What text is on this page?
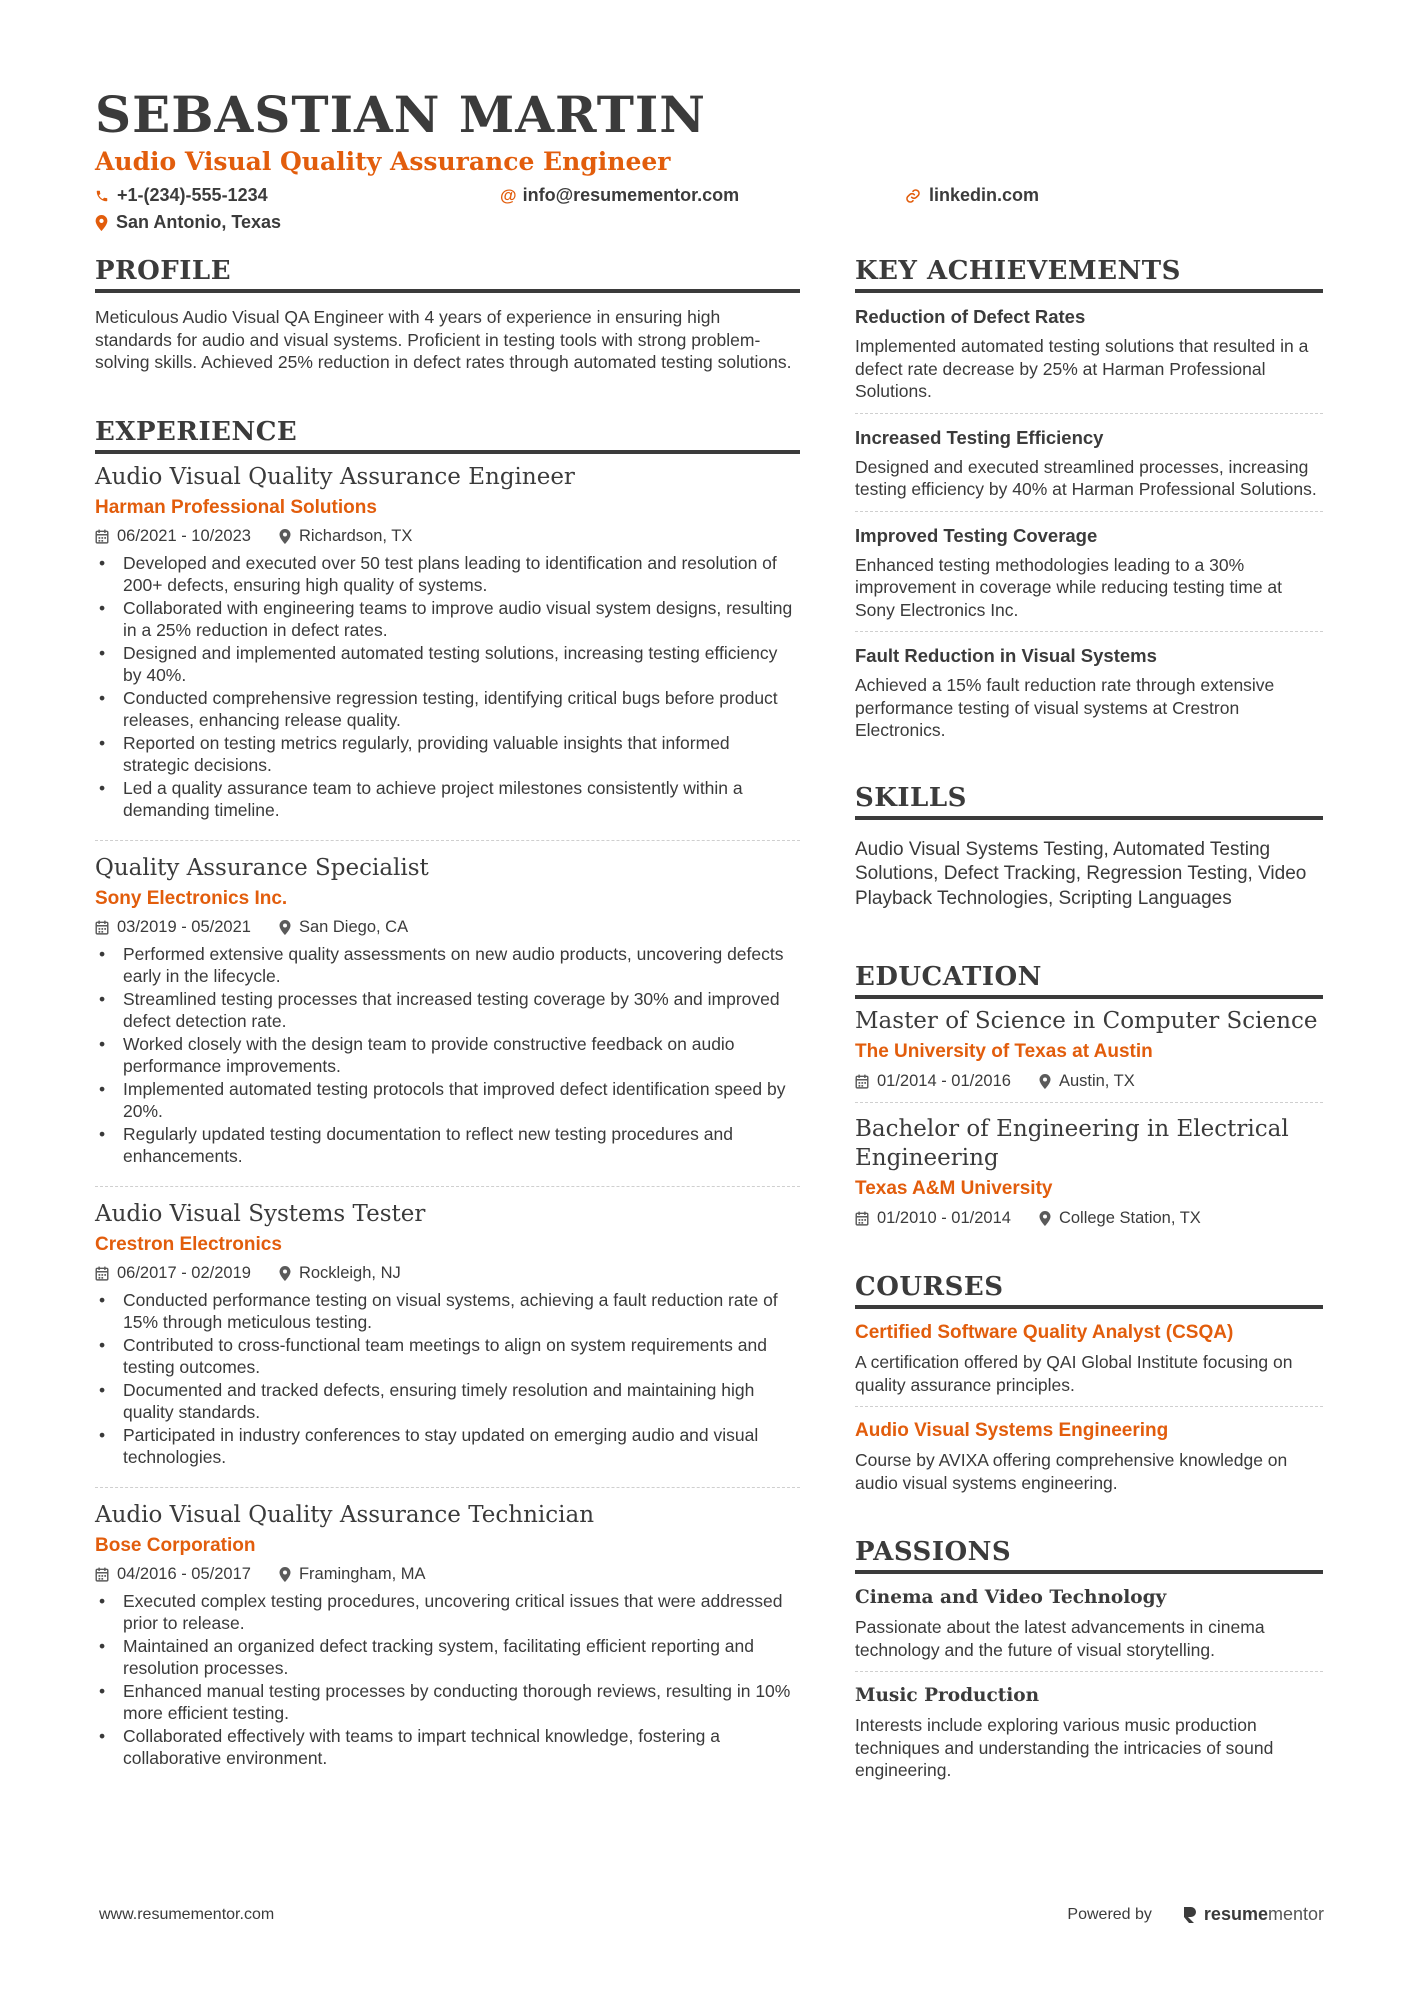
SEBASTIAN MARTIN
Audio Visual Quality Assurance Engineer
+1-(234)-555-1234	@ info@resumementor.com	linkedin.com
San Antonio, Texas
PROFILE
Meticulous Audio Visual QA Engineer with 4 years of experience in ensuring high standards for audio and visual systems. Proficient in testing tools with strong problem-solving skills. Achieved 25% reduction in defect rates through automated testing solutions.
EXPERIENCE
Audio Visual Quality Assurance Engineer
Harman Professional Solutions
06/2021 - 10/2023	Richardson, TX
• Developed and executed over 50 test plans leading to identification and resolution of 200+ defects, ensuring high quality of systems.
• Collaborated with engineering teams to improve audio visual system designs, resulting in a 25% reduction in defect rates.
• Designed and implemented automated testing solutions, increasing testing efficiency by 40%.
• Conducted comprehensive regression testing, identifying critical bugs before product releases, enhancing release quality.
• Reported on testing metrics regularly, providing valuable insights that informed strategic decisions.
• Led a quality assurance team to achieve project milestones consistently within a demanding timeline.
Quality Assurance Specialist
Sony Electronics Inc.
03/2019 - 05/2021	San Diego, CA
• Performed extensive quality assessments on new audio products, uncovering defects early in the lifecycle.
• Streamlined testing processes that increased testing coverage by 30% and improved defect detection rate.
• Worked closely with the design team to provide constructive feedback on audio performance improvements.
• Implemented automated testing protocols that improved defect identification speed by 20%.
• Regularly updated testing documentation to reflect new testing procedures and enhancements.
Audio Visual Systems Tester
Crestron Electronics
06/2017 - 02/2019	Rockleigh, NJ
• Conducted performance testing on visual systems, achieving a fault reduction rate of 15% through meticulous testing.
• Contributed to cross-functional team meetings to align on system requirements and testing outcomes.
• Documented and tracked defects, ensuring timely resolution and maintaining high quality standards.
• Participated in industry conferences to stay updated on emerging audio and visual technologies.
Audio Visual Quality Assurance Technician
Bose Corporation
04/2016 - 05/2017	Framingham, MA
• Executed complex testing procedures, uncovering critical issues that were addressed prior to release.
• Maintained an organized defect tracking system, facilitating efficient reporting and resolution processes.
• Enhanced manual testing processes by conducting thorough reviews, resulting in 10% more efficient testing.
• Collaborated effectively with teams to impart technical knowledge, fostering a collaborative environment.
KEY ACHIEVEMENTS
Reduction of Defect Rates
Implemented automated testing solutions that resulted in a defect rate decrease by 25% at Harman Professional Solutions.
Increased Testing Efficiency
Designed and executed streamlined processes, increasing testing efficiency by 40% at Harman Professional Solutions.
Improved Testing Coverage
Enhanced testing methodologies leading to a 30% improvement in coverage while reducing testing time at Sony Electronics Inc.
Fault Reduction in Visual Systems
Achieved a 15% fault reduction rate through extensive performance testing of visual systems at Crestron Electronics.
SKILLS
Audio Visual Systems Testing, Automated Testing Solutions, Defect Tracking, Regression Testing, Video Playback Technologies, Scripting Languages
EDUCATION
Master of Science in Computer Science
The University of Texas at Austin
01/2014 - 01/2016	Austin, TX
Bachelor of Engineering in Electrical Engineering
Texas A&M University
01/2010 - 01/2014	College Station, TX
COURSES
Certified Software Quality Analyst (CSQA)
A certification offered by QAI Global Institute focusing on quality assurance principles.
Audio Visual Systems Engineering
Course by AVIXA offering comprehensive knowledge on audio visual systems engineering.
PASSIONS
Cinema and Video Technology
Passionate about the latest advancements in cinema technology and the future of visual storytelling.
Music Production
Interests include exploring various music production techniques and understanding the intricacies of sound engineering.
www.resumementor.com	Powered by	resume mentor
